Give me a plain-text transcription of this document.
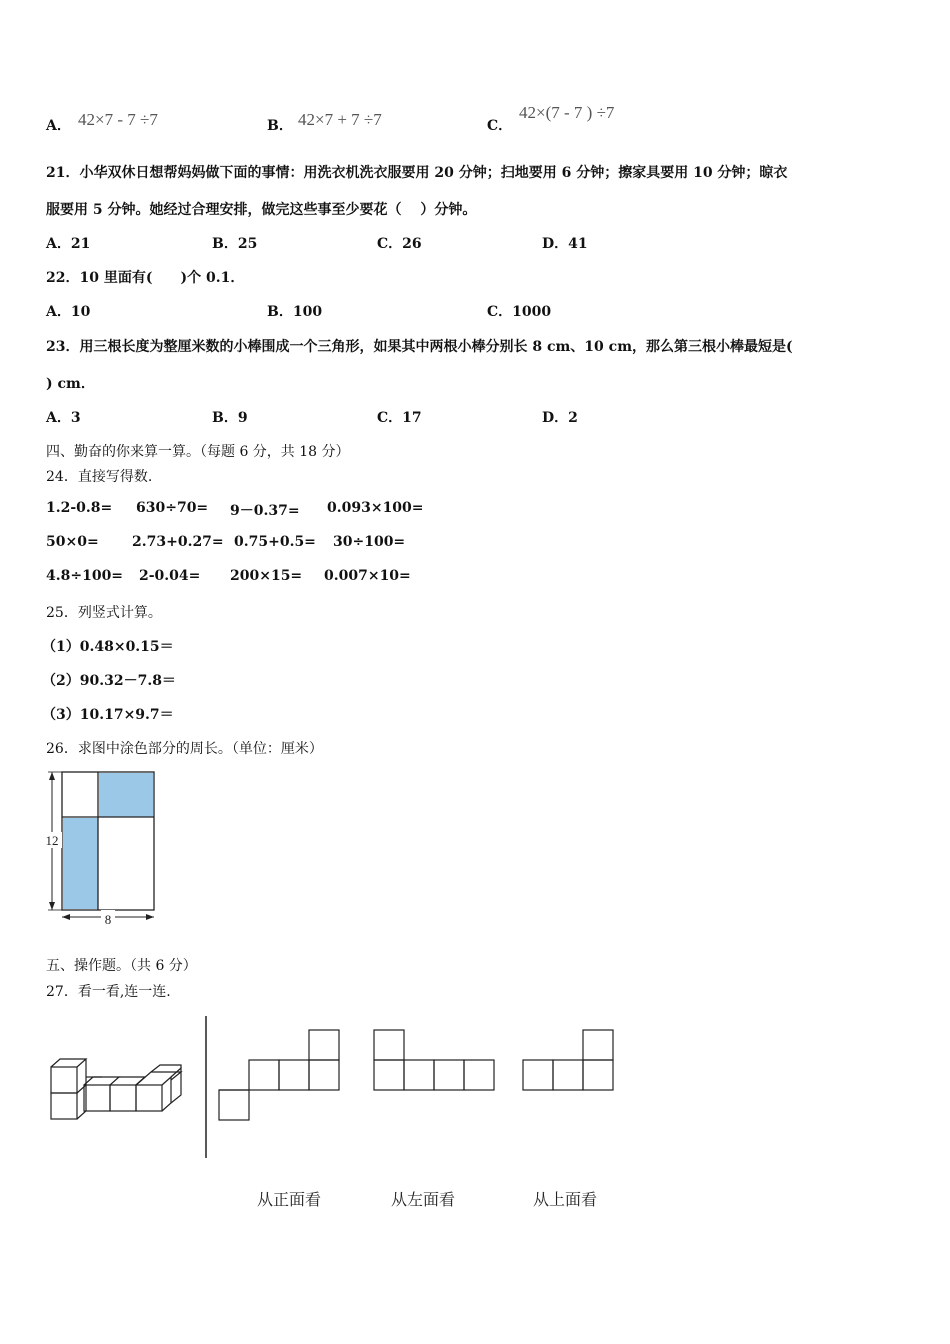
A． 42×7 - 7 ÷7	B． 42×7 + 7 ÷7	C．
42×(7 - 7 ) ÷7
21．小华双休日想帮妈妈做下面的事情：用洗衣机洗衣服要用 20 分钟；扫地要用 6 分钟；擦家具要用 10 分钟；晾衣
服要用 5 分钟。她经过合理安排，做完这些事至少要花（　 ）分钟。
A．21	B．25	C．26	D．41
22．10 里面有(　　)个 0.1．
A．10	B．100	C．1000
23．用三根长度为整厘米数的小棒围成一个三角形，如果其中两根小棒分别长 8 cm、10 cm，那么第三根小棒最短是(
) cm．
A．3	B．9	C．17	D．2
四、勤奋的你来算一算。（每题 6 分，共 18 分）
24．直接写得数.
1.2-0.8= 630÷70= 9－0.37= 0.093×100=
50×0= 2.73+0.27= 0.75+0.5= 30÷100=
4.8÷100= 2-0.04= 200×15= 0.007×10=
25．列竖式计算。
（1）0.48×0.15＝
（2）90.32－7.8＝
（3）10.17×9.7＝
26．求图中涂色部分的周长。（单位：厘米）
12
8
五、操作题。（共 6 分）
27．看一看,连一连.
从正面看	从左面看	从上面看
